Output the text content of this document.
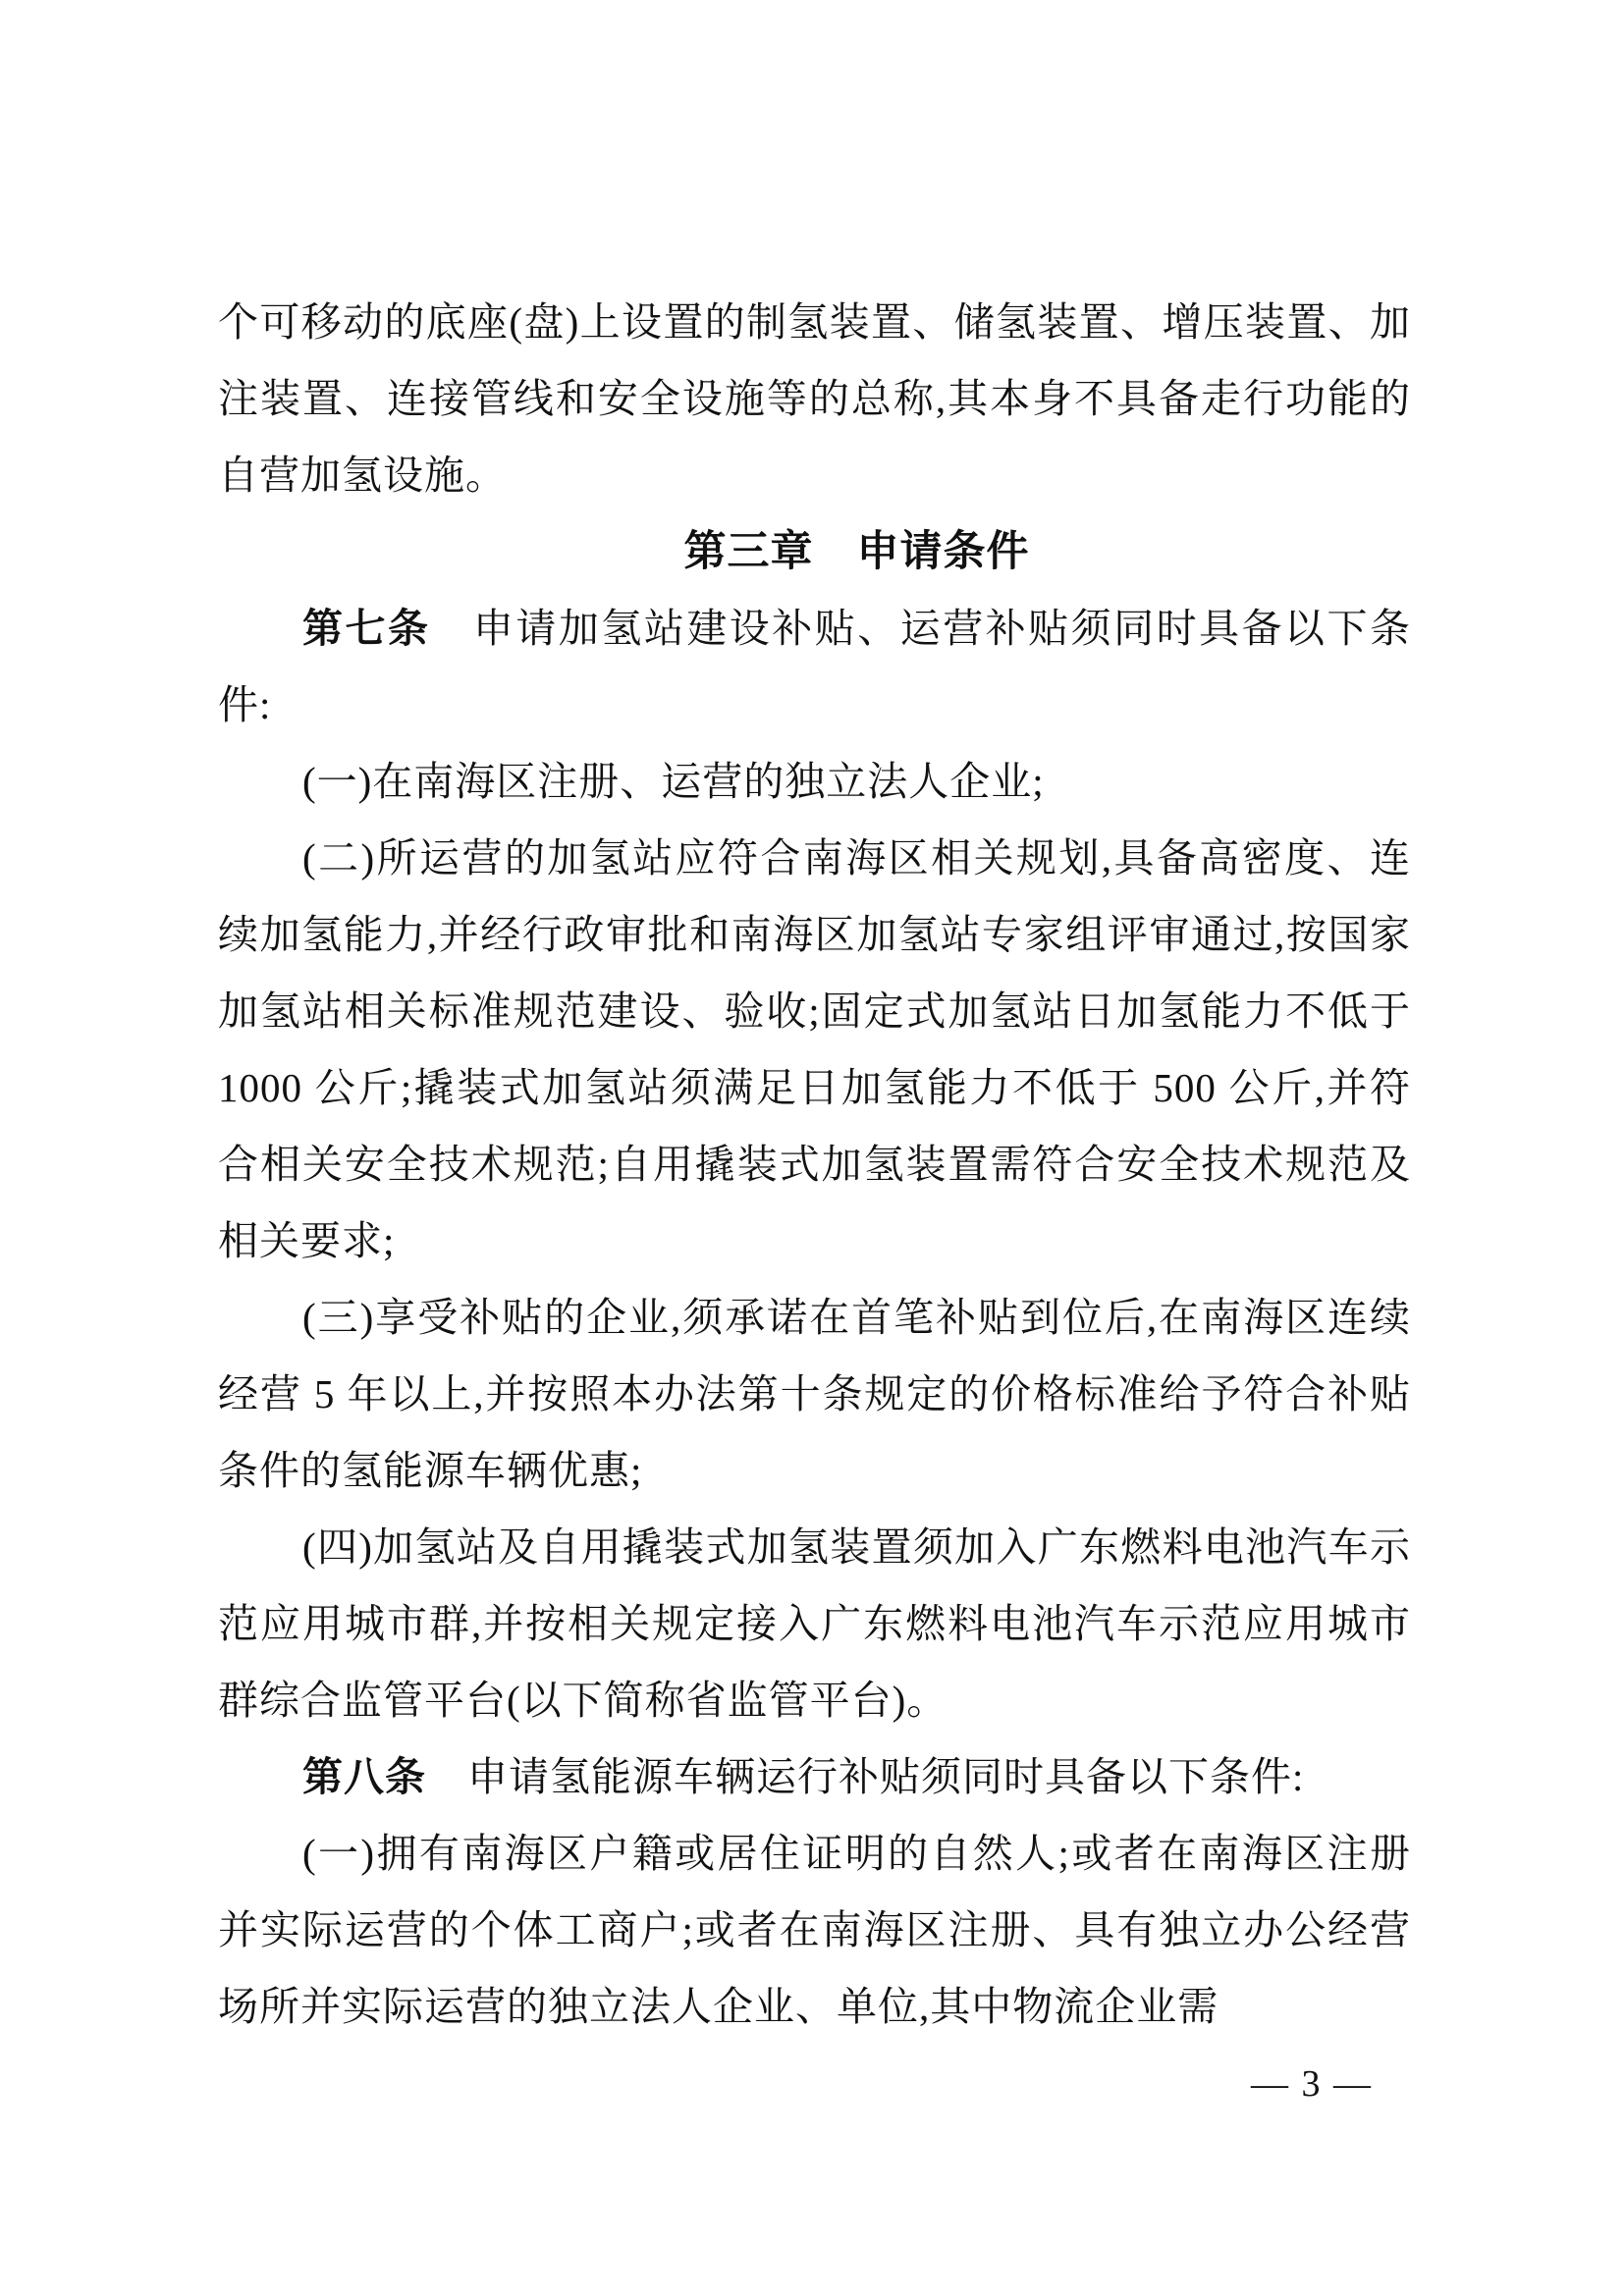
个可移动的底座(盘)上设置的制氢装置、储氢装置、增压装置、加注装置、连接管线和安全设施等的总称,其本身不具备走行功能的自营加氢设施。

第三章　申请条件

第七条　申请加氢站建设补贴、运营补贴须同时具备以下条件:

(一)在南海区注册、运营的独立法人企业;

(二)所运营的加氢站应符合南海区相关规划,具备高密度、连续加氢能力,并经行政审批和南海区加氢站专家组评审通过,按国家加氢站相关标准规范建设、验收;固定式加氢站日加氢能力不低于 1000 公斤;撬装式加氢站须满足日加氢能力不低于 500 公斤,并符合相关安全技术规范;自用撬装式加氢装置需符合安全技术规范及相关要求;

(三)享受补贴的企业,须承诺在首笔补贴到位后,在南海区连续经营 5 年以上,并按照本办法第十条规定的价格标准给予符合补贴条件的氢能源车辆优惠;

(四)加氢站及自用撬装式加氢装置须加入广东燃料电池汽车示范应用城市群,并按相关规定接入广东燃料电池汽车示范应用城市群综合监管平台(以下简称省监管平台)。

第八条　申请氢能源车辆运行补贴须同时具备以下条件:

(一)拥有南海区户籍或居住证明的自然人;或者在南海区注册并实际运营的个体工商户;或者在南海区注册、具有独立办公经营场所并实际运营的独立法人企业、单位,其中物流企业需

— 3 —
